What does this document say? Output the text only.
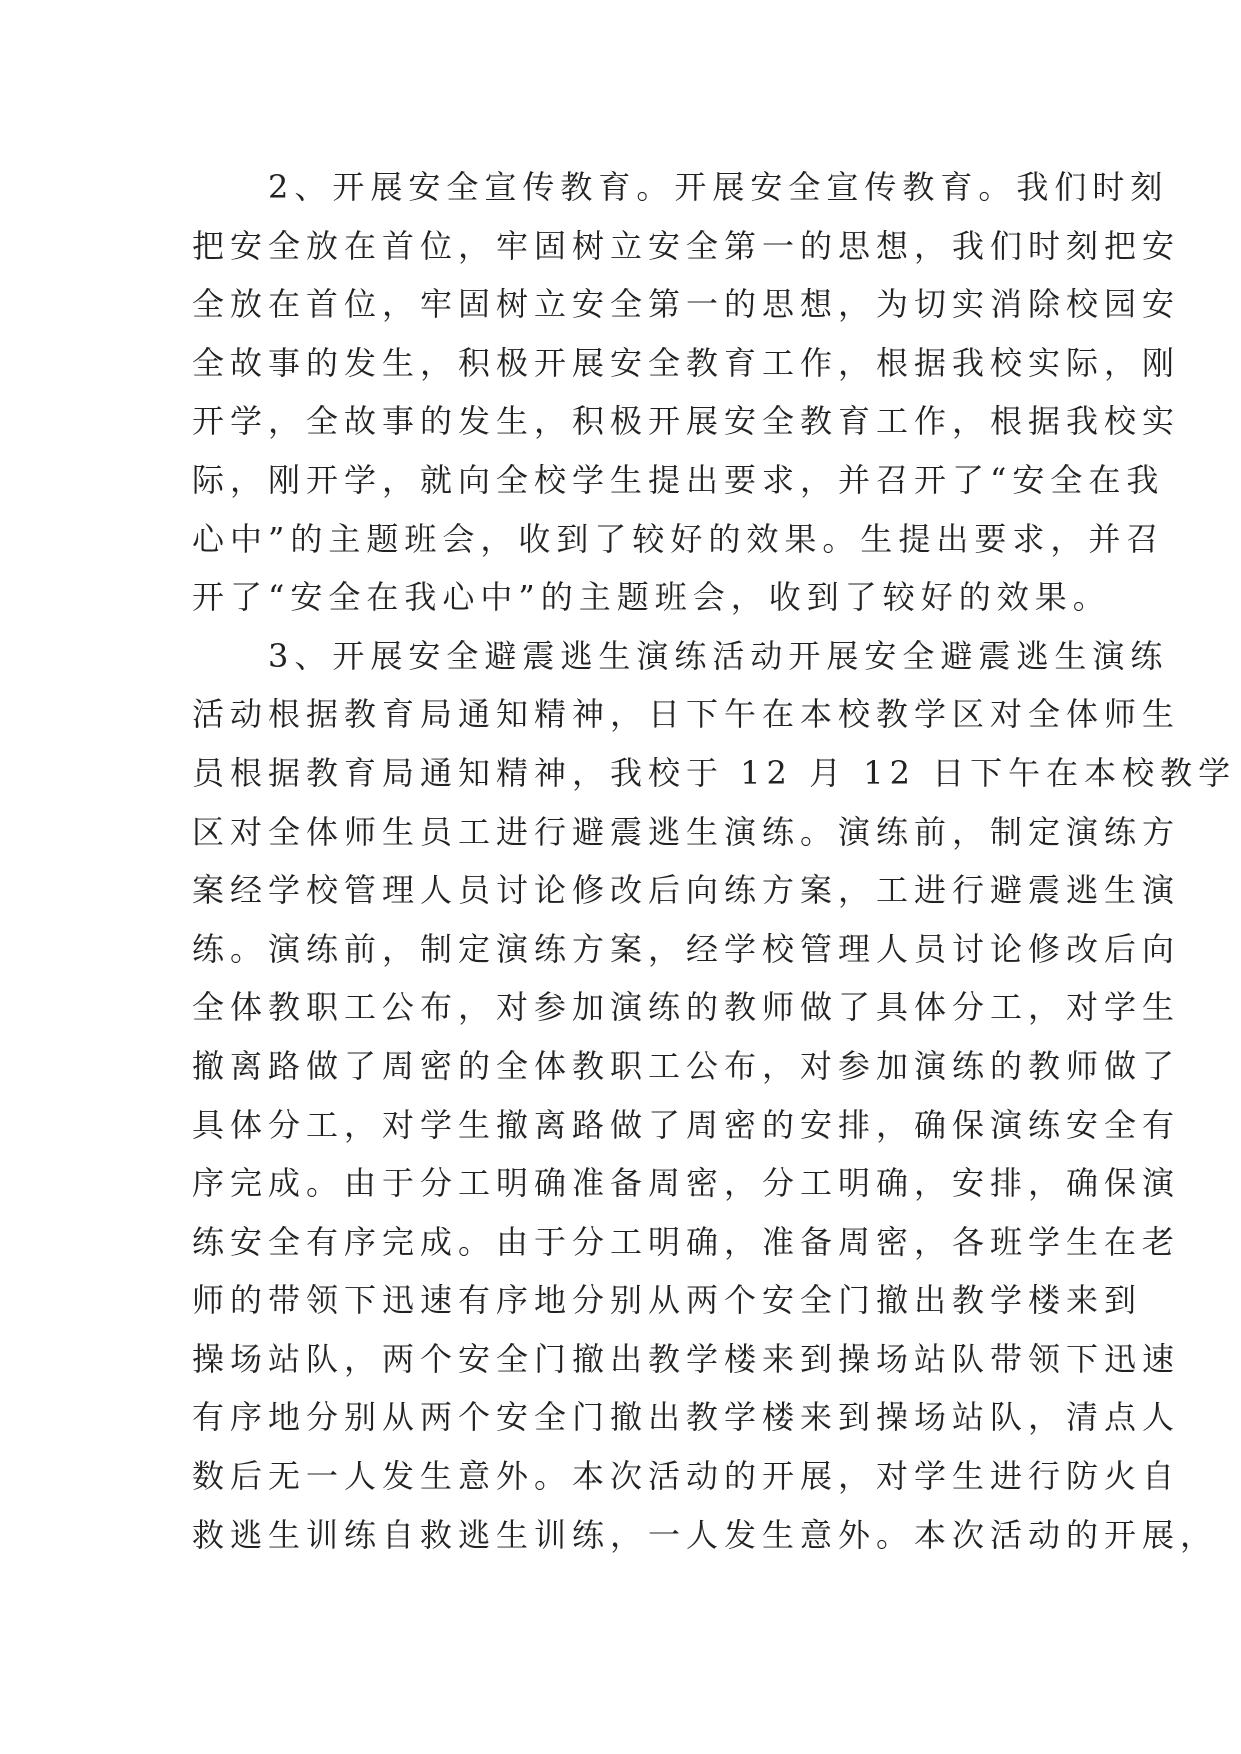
　　2、开展安全宣传教育。开展安全宣传教育。我们时刻
把安全放在首位，牢固树立安全第一的思想，我们时刻把安
全放在首位，牢固树立安全第一的思想，为切实消除校园安
全故事的发生，积极开展安全教育工作，根据我校实际，刚
开学，全故事的发生，积极开展安全教育工作，根据我校实
际，刚开学，就向全校学生提出要求，并召开了“安全在我
心中”的主题班会，收到了较好的效果。生提出要求，并召
开了“安全在我心中”的主题班会，收到了较好的效果。
　　3、开展安全避震逃生演练活动开展安全避震逃生演练
活动根据教育局通知精神，日下午在本校教学区对全体师生
员根据教育局通知精神，我校于 12 月 12 日下午在本校教学
区对全体师生员工进行避震逃生演练。演练前，制定演练方
案经学校管理人员讨论修改后向练方案，工进行避震逃生演
练。演练前，制定演练方案，经学校管理人员讨论修改后向
全体教职工公布，对参加演练的教师做了具体分工，对学生
撤离路做了周密的全体教职工公布，对参加演练的教师做了
具体分工，对学生撤离路做了周密的安排，确保演练安全有
序完成。由于分工明确准备周密，分工明确，安排，确保演
练安全有序完成。由于分工明确，准备周密，各班学生在老
师的带领下迅速有序地分别从两个安全门撤出教学楼来到
操场站队，两个安全门撤出教学楼来到操场站队带领下迅速
有序地分别从两个安全门撤出教学楼来到操场站队，清点人
数后无一人发生意外。本次活动的开展，对学生进行防火自
救逃生训练自救逃生训练，一人发生意外。本次活动的开展，
